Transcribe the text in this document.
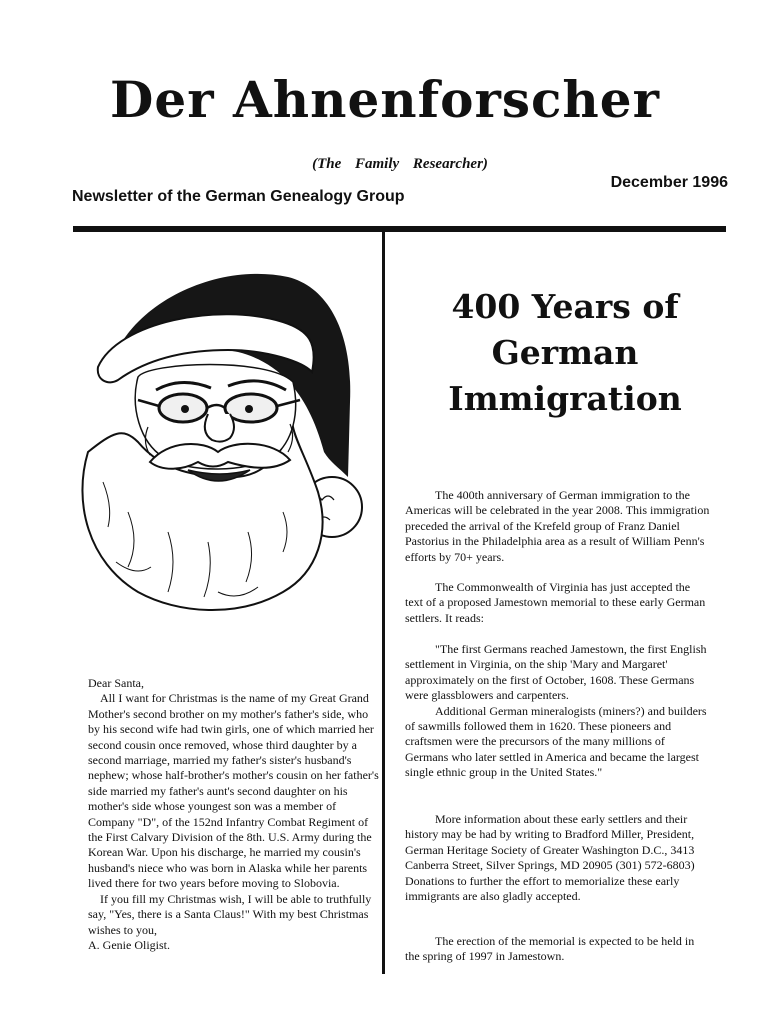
Der Ahnenforscher
(The Family Researcher)
Newsletter of the German Genealogy Group
December 1996
400 Years of
German
Immigration

The 400th anniversary of German immigration to the Americas will be celebrated in the year 2008. This immigration preceded the arrival of the Krefeld group of Franz Daniel Pastorius in the Philadelphia area as a result of William Penn's efforts by 70+ years.

The Commonwealth of Virginia has just accepted the text of a proposed Jamestown memorial to these early German settlers. It reads:

"The first Germans reached Jamestown, the first English settlement in Virginia, on the ship 'Mary and Margaret' approximately on the first of October, 1608. These Germans were glassblowers and carpenters.

Additional German mineralogists (miners?) and builders of sawmills followed them in 1620. These pioneers and craftsmen were the precursors of the many millions of Germans who later settled in America and became the largest single ethnic group in the United States."

More information about these early settlers and their history may be had by writing to Bradford Miller, President, German Heritage Society of Greater Washington D.C., 3413 Canberra Street, Silver Springs, MD 20905 (301) 572-6803) Donations to further the effort to memorialize these early immigrants are also gladly accepted.

The erection of the memorial is expected to be held in the spring of 1997 in Jamestown.

Dear Santa,

All I want for Christmas is the name of my Great Grand Mother's second brother on my mother's father's side, who by his second wife had twin girls, one of which married her second cousin once removed, whose third daughter by a second marriage, married my father's sister's husband's nephew; whose half-brother's mother's cousin on her father's side married my father's aunt's second daughter on his mother's side whose youngest son was a member of Company "D", of the 152nd Infantry Combat Regiment of the First Calvary Division of the 8th. U.S. Army during the Korean War. Upon his discharge, he married my cousin's husband's niece who was born in Alaska while her parents lived there for two years before moving to Slobovia.

If you fill my Christmas wish, I will be able to truthfully say, "Yes, there is a Santa Claus!" With my best Christmas wishes to you,

A. Genie Oligist.
